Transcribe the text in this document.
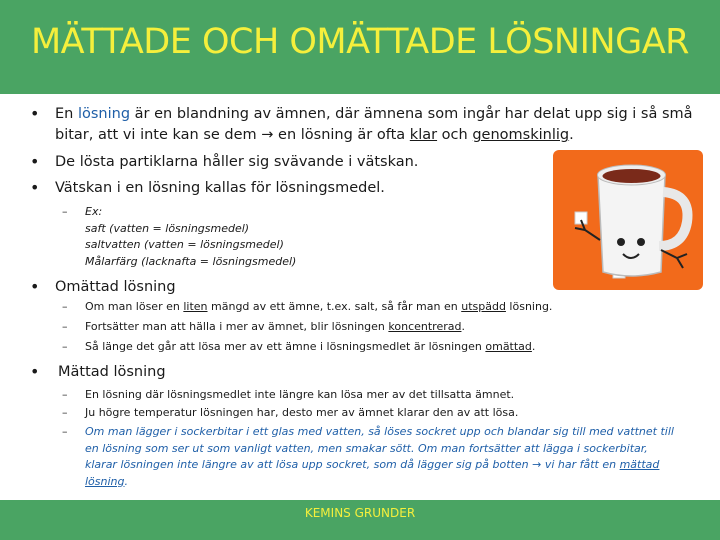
MÄTTADE OCH OMÄTTADE LÖSNINGAR
• En lösning är en blandning av ämnen, där ämnena som ingår har delat upp sig i så små
bitar, att vi inte kan se dem → en lösning är ofta klar och genomskinlig.
• De lösta partiklarna håller sig svävande i vätskan.
• Vätskan i en lösning kallas för lösningsmedel.
– Ex:
saft (vatten = lösningsmedel)
saltvatten (vatten = lösningsmedel)
Målarfärg (lacknafta = lösningsmedel)
• Omättad lösning
– Om man löser en liten mängd av ett ämne, t.ex. salt, så får man en utspädd lösning.
– Fortsätter man att hälla i mer av ämnet, blir lösningen koncentrerad.
– Så länge det går att lösa mer av ett ämne i lösningsmedlet är lösningen omättad.
• Mättad lösning
– En lösning där lösningsmedlet inte längre kan lösa mer av det tillsatta ämnet.
– Ju högre temperatur lösningen har, desto mer av ämnet klarar den av att lösa.
– Om man lägger i sockerbitar i ett glas med vatten, så löses sockret upp och blandar sig till med vattnet till
en lösning som ser ut som vanligt vatten, men smakar sött. Om man fortsätter att lägga i sockerbitar,
klarar lösningen inte längre av att lösa upp sockret, som då lägger sig på botten → vi har fått en mättad
lösning.
KEMINS GRUNDER
